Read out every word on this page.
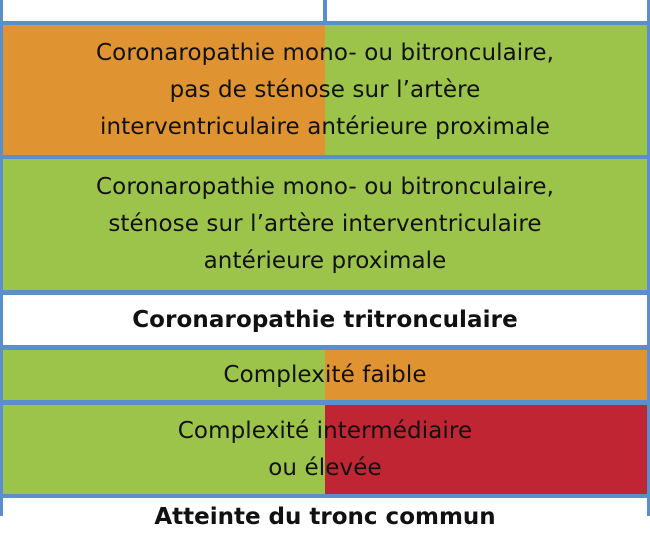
Coronaropathie mono- ou bitronculaire,
pas de sténose sur l’artère
interventriculaire antérieure proximale
Coronaropathie mono- ou bitronculaire,
sténose sur l’artère interventriculaire
antérieure proximale
Coronaropathie tritronculaire
Complexité faible
Complexité intermédiaire
ou élevée
Atteinte du tronc commun
